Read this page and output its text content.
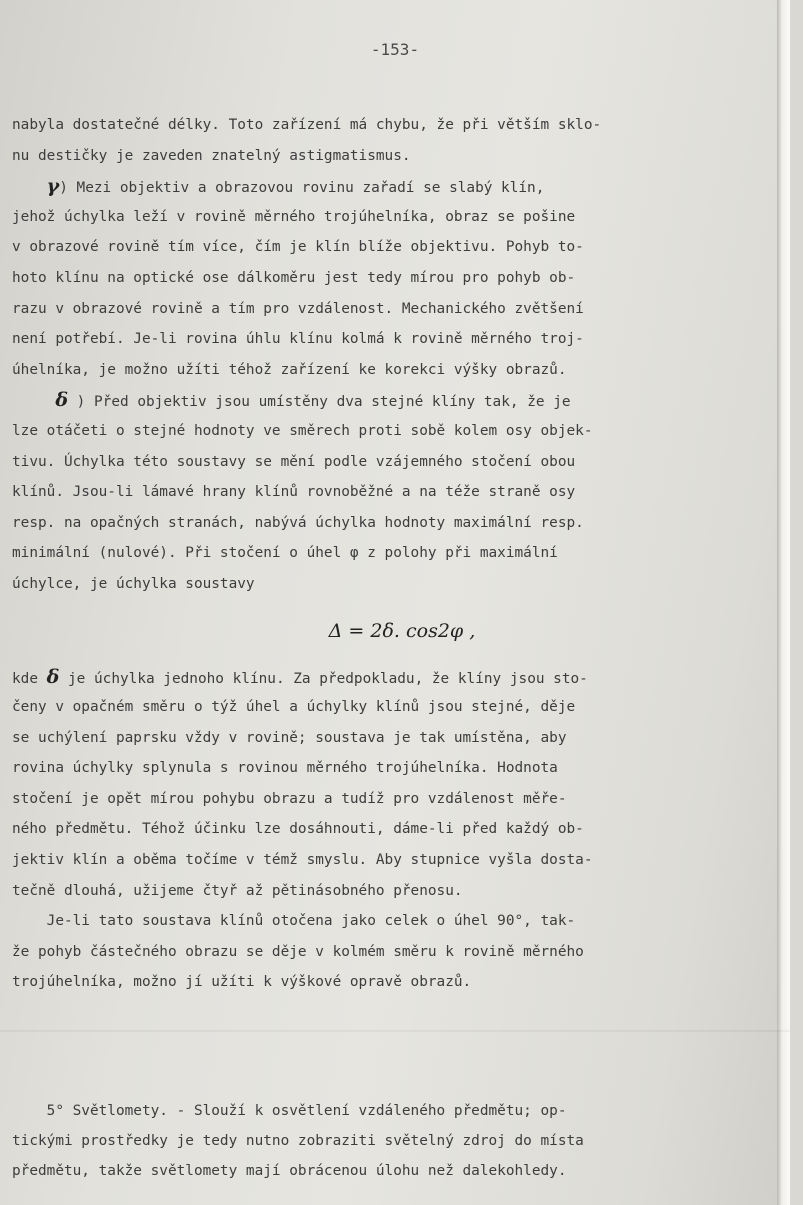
-153-

nabyla dostatečné délky. Toto zařízení má chybu, že při větším sklo-
nu destičky je zaveden znatelný astigmatismus.
γ) Mezi objektiv a obrazovou rovinu zařadí se slabý klín,
jehož úchylka leží v rovině měrného trojúhelníka, obraz se pošine
v obrazové rovině tím více, čím je klín blíže objektivu. Pohyb to-
hoto klínu na optické ose dálkoměru jest tedy mírou pro pohyb ob-
razu v obrazové rovině a tím pro vzdálenost. Mechanického zvětšení
není potřebí. Je-li rovina úhlu klínu kolmá k rovině měrného troj-
úhelníka, je možno užíti téhož zařízení ke korekci výšky obrazů.
δ ) Před objektiv jsou umístěny dva stejné klíny tak, že je
lze otáčeti o stejné hodnoty ve směrech proti sobě kolem osy objek-
tivu. Úchylka této soustavy se mění podle vzájemného stočení obou
klínů. Jsou-li lámavé hrany klínů rovnoběžné a na téže straně osy
resp. na opačných stranách, nabývá úchylka hodnoty maximální resp.
minimální (nulové). Při stočení o úhel φ z polohy při maximální
úchylce, je úchylka soustavy
Δ = 2δ. cos2φ ,
kde δ je úchylka jednoho klínu. Za předpokladu, že klíny jsou sto-
čeny v opačném směru o týž úhel a úchylky klínů jsou stejné, děje
se uchýlení paprsku vždy v rovině; soustava je tak umístěna, aby
rovina úchylky splynula s rovinou měrného trojúhelníka. Hodnota
stočení je opět mírou pohybu obrazu a tudíž pro vzdálenost měře-
ného předmětu. Téhož účinku lze dosáhnouti, dáme-li před každý ob-
jektiv klín a oběma točíme v témž smyslu. Aby stupnice vyšla dosta-
tečně dlouhá, užijeme čtyř až pětinásobného přenosu.
Je-li tato soustava klínů otočena jako celek o úhel 90°, tak-
že pohyb částečného obrazu se děje v kolmém směru k rovině měrného
trojúhelníka, možno jí užíti k výškové opravě obrazů.
5° Světlomety. - Slouží k osvětlení vzdáleného předmětu; op-
tickými prostředky je tedy nutno zobraziti světelný zdroj do místa
předmětu, takže světlomety mají obrácenou úlohu než dalekohledy.
